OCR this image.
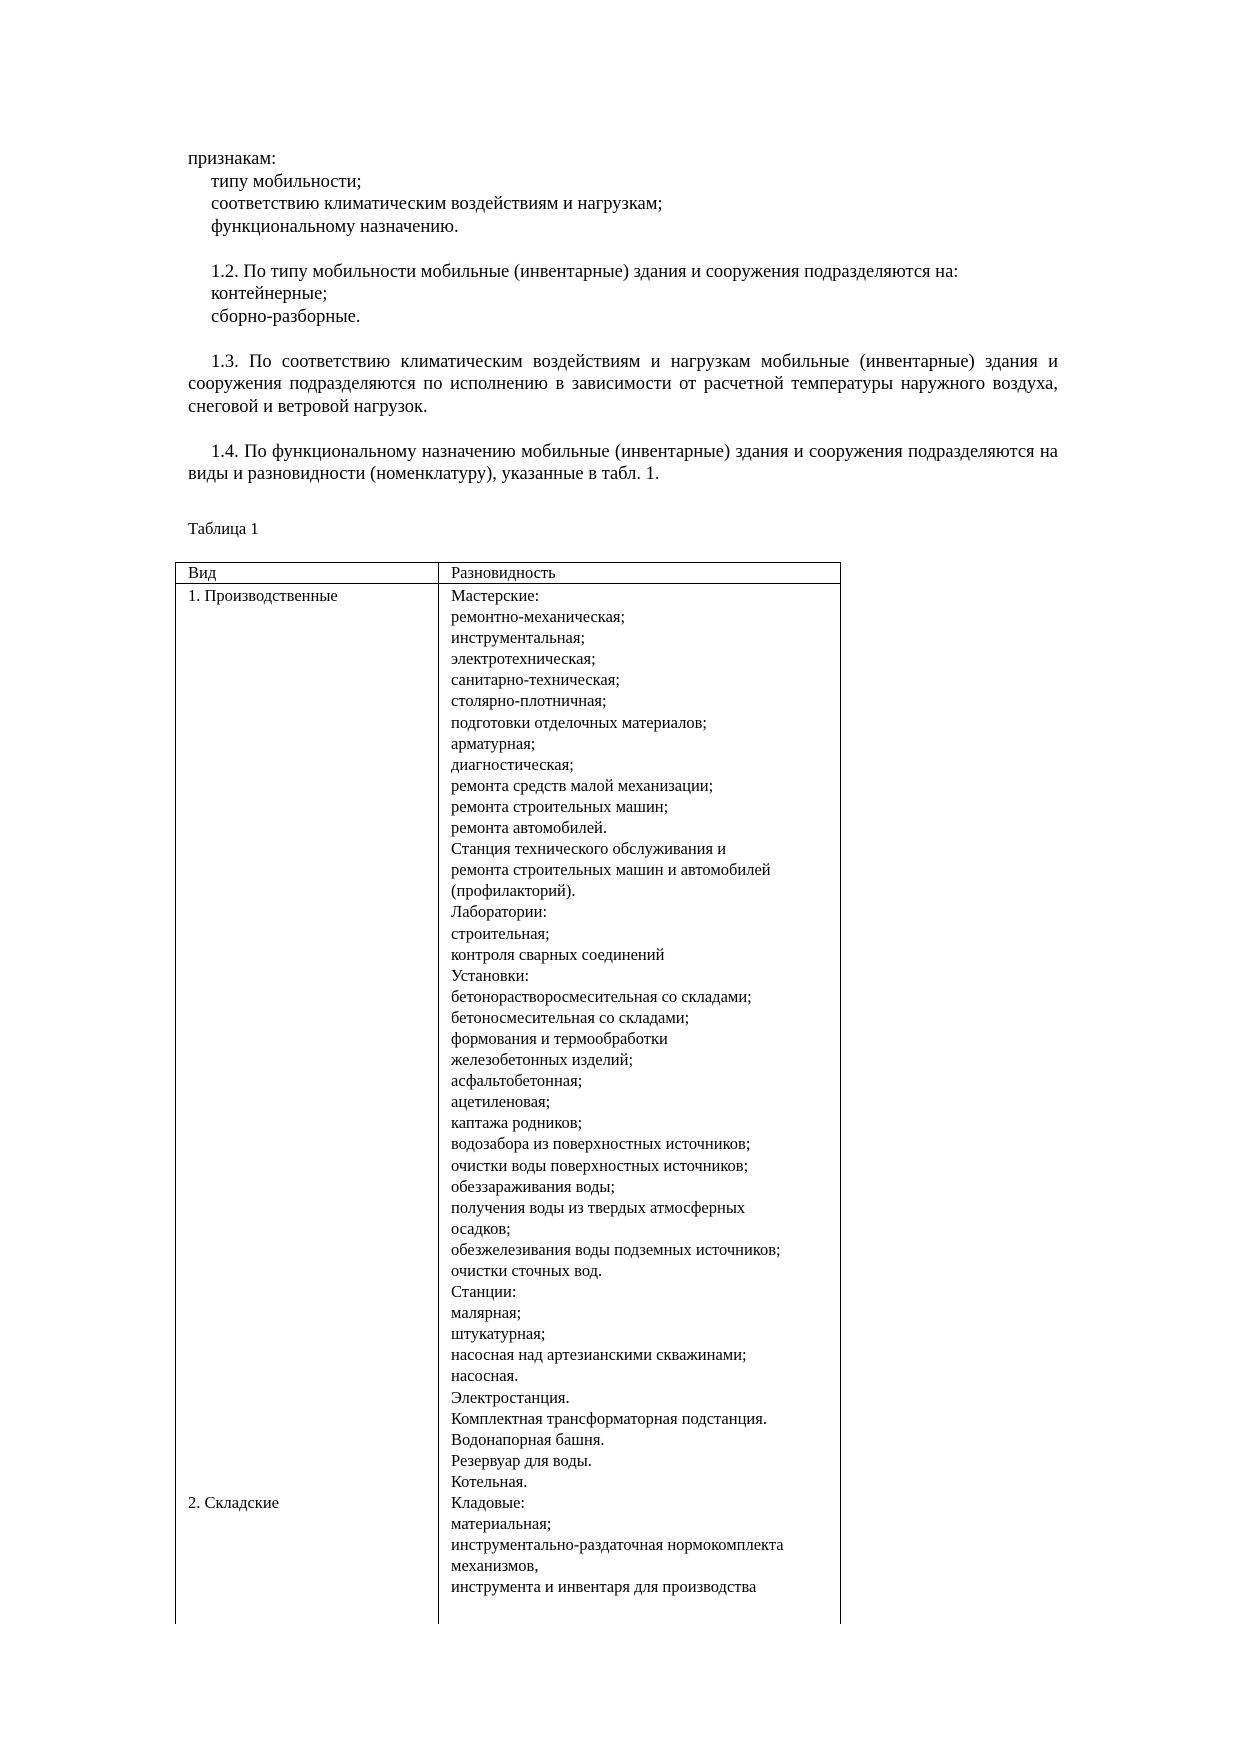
признакам:
типу мобильности;
соответствию климатическим воздействиям и нагрузкам;
функциональному назначению.
1.2. По типу мобильности мобильные (инвентарные) здания и сооружения подразделяются на:
контейнерные;
сборно-разборные.
1.3. По соответствию климатическим воздействиям и нагрузкам мобильные (инвентарные) здания и сооружения подразделяются по исполнению в зависимости от расчетной температуры наружного воздуха, снеговой и ветровой нагрузок.
1.4. По функциональному назначению мобильные (инвентарные) здания и сооружения подразделяются на виды и разновидности (номенклатуру), указанные в табл. 1.
Таблица 1
Вид	Разновидность
1. Производственные
2. Складские
Мастерские:
ремонтно-механическая;
инструментальная;
электротехническая;
санитарно-техническая;
столярно-плотничная;
подготовки отделочных материалов;
арматурная;
диагностическая;
ремонта средств малой механизации;
ремонта строительных машин;
ремонта автомобилей.
Станция технического обслуживания и
ремонта строительных машин и автомобилей
(профилакторий).
Лаборатории:
строительная;
контроля сварных соединений
Установки:
бетонорастворосмесительная со складами;
бетоносмесительная со складами;
формования и термообработки
железобетонных изделий;
асфальтобетонная;
ацетиленовая;
каптажа родников;
водозабора из поверхностных источников;
очистки воды поверхностных источников;
обеззараживания воды;
получения воды из твердых атмосферных
осадков;
обезжелезивания воды подземных источников;
очистки сточных вод.
Станции:
малярная;
штукатурная;
насосная над артезианскими скважинами;
насосная.
Электростанция.
Комплектная трансформаторная подстанция.
Водонапорная башня.
Резервуар для воды.
Котельная.
Кладовые:
материальная;
инструментально-раздаточная нормокомплекта
механизмов,
инструмента и инвентаря для производства
